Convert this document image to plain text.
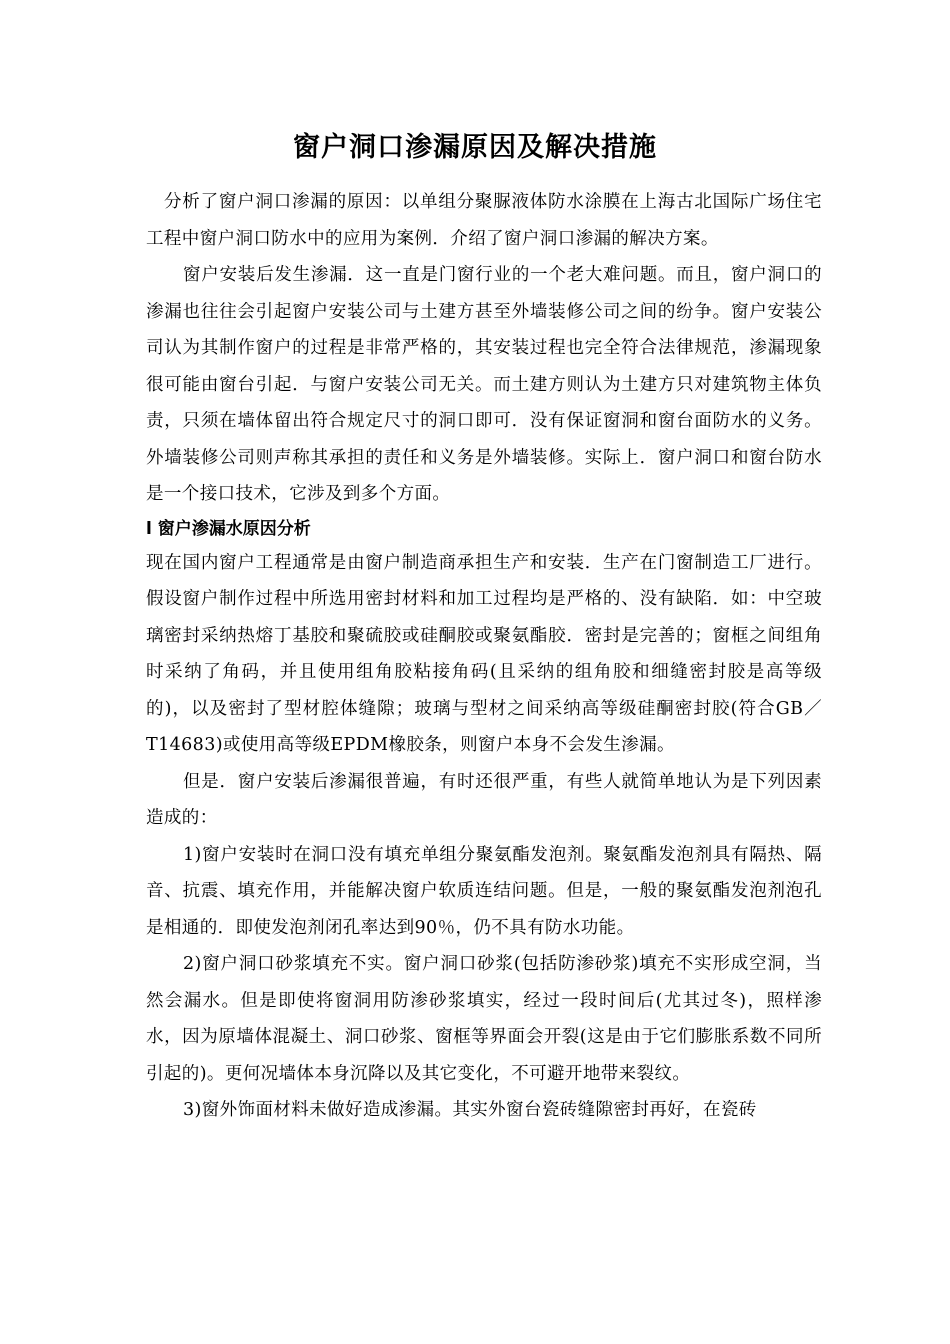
窗户洞口渗漏原因及解决措施

分析了窗户洞口渗漏的原因：以单组分聚脲液体防水涂膜在上海古北国际广场住宅工程中窗户洞口防水中的应用为案例．介绍了窗户洞口渗漏的解决方案。

窗户安装后发生渗漏．这一直是门窗行业的一个老大难问题。而且，窗户洞口的渗漏也往往会引起窗户安装公司与土建方甚至外墙装修公司之间的纷争。窗户安装公司认为其制作窗户的过程是非常严格的，其安装过程也完全符合法律规范，渗漏现象很可能由窗台引起．与窗户安装公司无关。而土建方则认为土建方只对建筑物主体负责，只须在墙体留出符合规定尺寸的洞口即可．没有保证窗洞和窗台面防水的义务。外墙装修公司则声称其承担的责任和义务是外墙装修。实际上．窗户洞口和窗台防水是一个接口技术，它涉及到多个方面。

l 窗户渗漏水原因分析

现在国内窗户工程通常是由窗户制造商承担生产和安装．生产在门窗制造工厂进行。假设窗户制作过程中所选用密封材料和加工过程均是严格的、没有缺陷．如：中空玻璃密封采纳热熔丁基胶和聚硫胶或硅酮胶或聚氨酯胶．密封是完善的；窗框之间组角时采纳了角码，并且使用组角胶粘接角码(且采纳的组角胶和细缝密封胶是高等级的)，以及密封了型材腔体缝隙；玻璃与型材之间采纳高等级硅酮密封胶(符合GB／T14683)或使用高等级EPDM橡胶条，则窗户本身不会发生渗漏。

但是．窗户安装后渗漏很普遍，有时还很严重，有些人就简单地认为是下列因素造成的：

1)窗户安装时在洞口没有填充单组分聚氨酯发泡剂。聚氨酯发泡剂具有隔热、隔音、抗震、填充作用，并能解决窗户软质连结问题。但是，一般的聚氨酯发泡剂泡孔是相通的．即使发泡剂闭孔率达到90％，仍不具有防水功能。

2)窗户洞口砂浆填充不实。窗户洞口砂浆(包括防渗砂浆)填充不实形成空洞，当然会漏水。但是即使将窗洞用防渗砂浆填实，经过一段时间后(尤其过冬)，照样渗水，因为原墙体混凝土、洞口砂浆、窗框等界面会开裂(这是由于它们膨胀系数不同所引起的)。更何况墙体本身沉降以及其它变化，不可避开地带来裂纹。

3)窗外饰面材料未做好造成渗漏。其实外窗台瓷砖缝隙密封再好，在瓷砖
